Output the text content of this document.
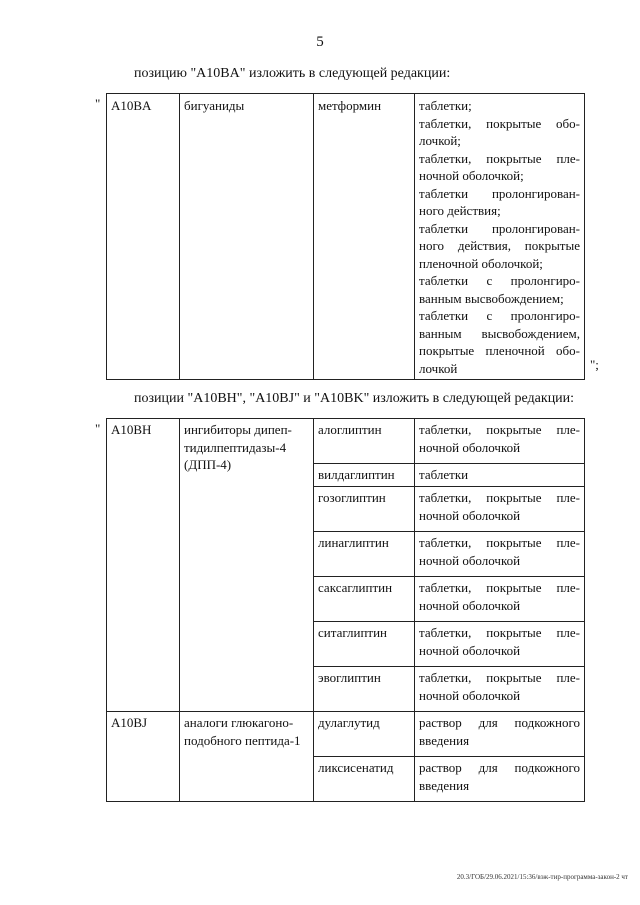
5
позицию "A10BA" изложить в следующей редакции:
" A10BA	бигуаниды	метформин	таблетки;
таблетки, покрытые обо-лочкой;
таблетки, покрытые пле-ночной оболочкой;
таблетки пролонгирован-ного действия;
таблетки пролонгирован-ного действия, покрытые пленочной оболочкой;
таблетки с пролонгиро-ванным высвобождением;
таблетки с пролонгиро-ванным высвобождением, покрытые пленочной обо-лочкой	";
позиции "A10BH", "A10BJ" и "A10BK" изложить в следующей редакции:
" A10BH	ингибиторы дипеп-тидилпептидазы-4 (ДПП-4)	алоглиптин	таблетки, покрытые пле-ночной оболочкой
		вилдаглиптин	таблетки
		гозоглиптин	таблетки, покрытые пле-ночной оболочкой
		линаглиптин	таблетки, покрытые пле-ночной оболочкой
		саксаглиптин	таблетки, покрытые пле-ночной оболочкой
		ситаглиптин	таблетки, покрытые пле-ночной оболочкой
		эвоглиптин	таблетки, покрытые пле-ночной оболочкой
A10BJ	аналоги глюкагоно-подобного пептида-1	дулаглутид	раствор для подкожного введения
		ликсисенатид	раствор для подкожного введения
20.3/ГОБ/29.06.2021/15:36/вэж-тир-программа-закон-2 чт
